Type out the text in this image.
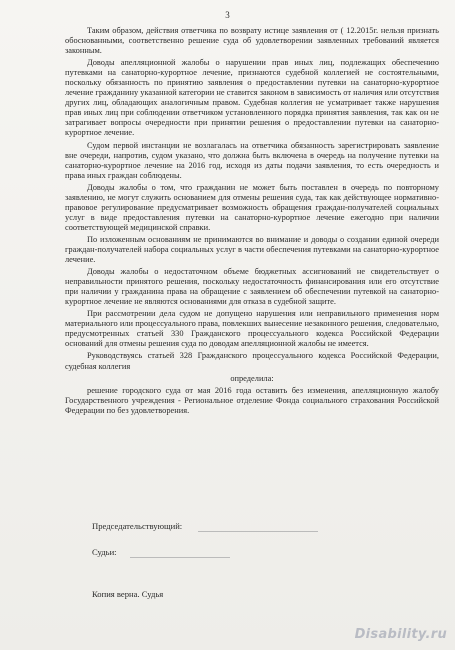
3

Таким образом, действия ответчика по возврату истице заявления от ( 12.2015г. нельзя признать обоснованными, соответственно решение суда об удовлетворении заявленных требований является законным.

Доводы апелляционной жалобы о нарушении прав иных лиц, подлежащих обеспечению путевками на санаторно-курортное лечение, признаются судебной коллегией не состоятельными, поскольку обязанность по принятию заявления о предоставлении путевки на санаторно-курортное лечение гражданину указанной категории не ставится законом в зависимость от наличия или отсутствия других лиц, обладающих аналогичным правом. Судебная коллегия не усматривает также нарушения прав иных лиц при соблюдении ответчиком установленного порядка принятия заявления, так как он не затрагивает вопросы очередности при принятии решения о предоставлении путевки на санаторно-курортное лечение.

Судом первой инстанции не возлагалась на ответчика обязанность зарегистрировать заявление вне очереди, напротив, судом указано, что должна быть включена в очередь на получение путевки на санаторно-курортное лечение на 2016 год, исходя из даты подачи заявления, то есть очередность и права иных граждан соблюдены.

Доводы жалобы о том, что гражданин не может быть поставлен в очередь по повторному заявлению, не могут служить основанием для отмены решения суда, так как действующее нормативно-правовое регулирование предусматривает возможность обращения граждан-получателей социальных услуг в виде предоставления путевки на санаторно-курортное лечение ежегодно при наличии соответствующей медицинской справки.

По изложенным основаниям не принимаются во внимание и доводы о создании единой очереди граждан-получателей набора социальных услуг в части обеспечения путевками на санаторно-курортное лечение.

Доводы жалобы о недостаточном объеме бюджетных ассигнований не свидетельствует о неправильности принятого решения, поскольку недостаточность финансирования или его отсутствие при наличии у гражданина права на обращение с заявлением об обеспечении путевкой на санаторно-курортное лечение не являются основаниями для отказа в судебной защите.

При рассмотрении дела судом не допущено нарушения или неправильного применения норм материального или процессуального права, повлекших вынесение незаконного решения, следовательно, предусмотренных статьей 330 Гражданского процессуального кодекса Российской Федерации оснований для отмены решения суда по доводам апелляционной жалобы не имеется.

Руководствуясь статьей 328 Гражданского процессуального кодекса Российской Федерации, судебная коллегия

определила:

решение городского суда от мая 2016 года оставить без изменения, апелляционную жалобу Государственного учреждения - Региональное отделение Фонда социального страхования Российской Федерации по без удовлетворения.

Председательствующий:
Судьи:
Копия верна. Судья
Disability.ru
